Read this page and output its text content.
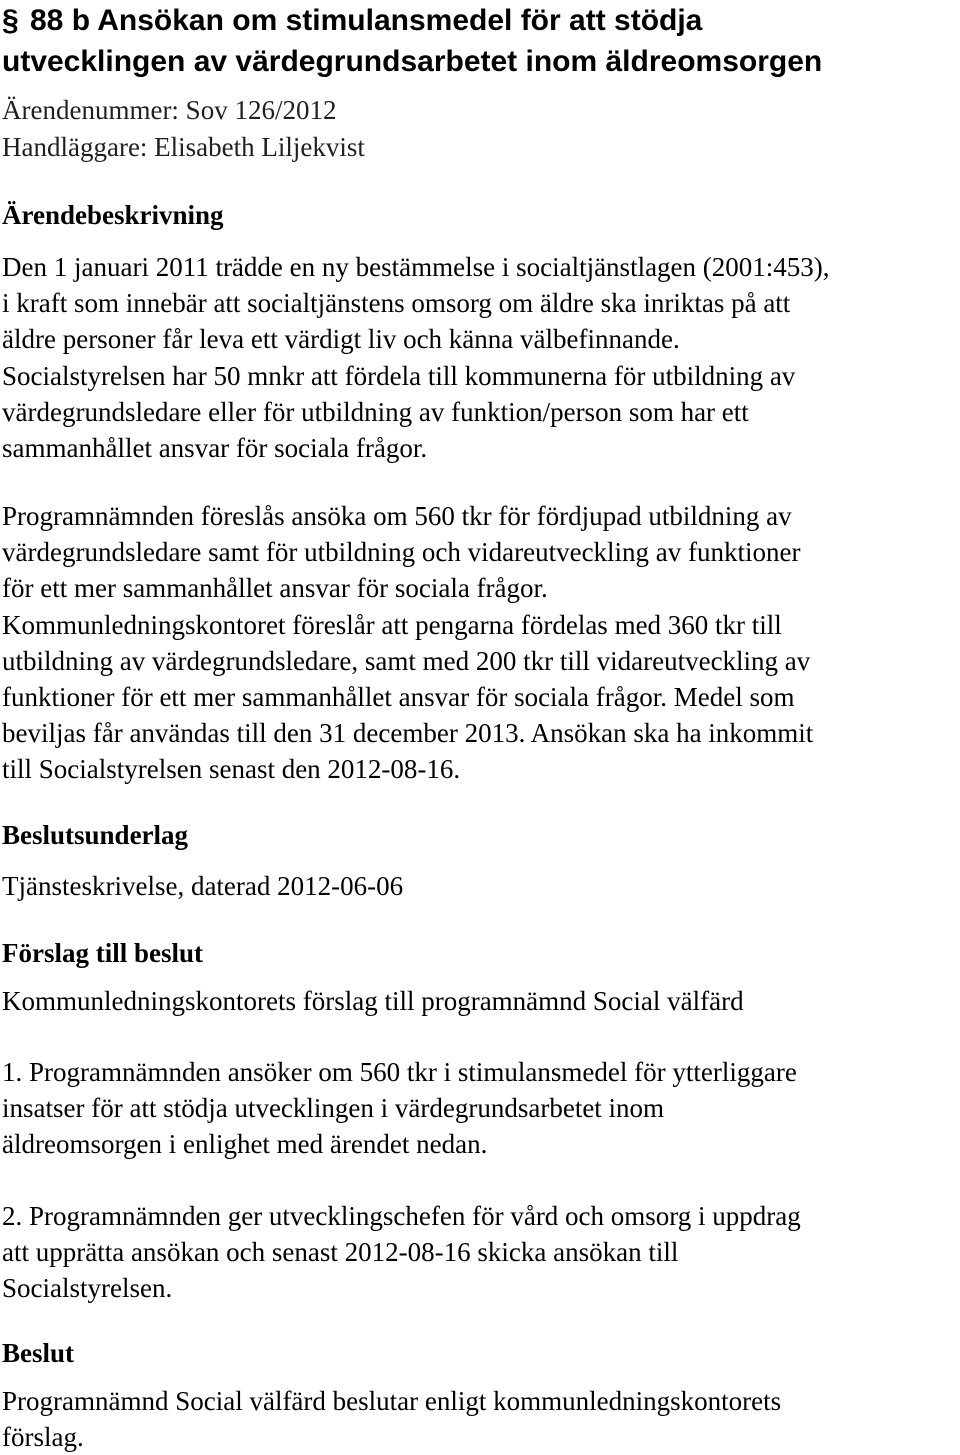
§ 88 b Ansökan om stimulansmedel för att stödja
utvecklingen av värdegrundsarbetet inom äldreomsorgen
Ärendenummer: Sov 126/2012
Handläggare: Elisabeth Liljekvist
Ärendebeskrivning

Den 1 januari 2011 trädde en ny bestämmelse i socialtjänstlagen (2001:453),
i kraft som innebär att socialtjänstens omsorg om äldre ska inriktas på att
äldre personer får leva ett värdigt liv och känna välbefinnande.
Socialstyrelsen har 50 mnkr att fördela till kommunerna för utbildning av
värdegrundsledare eller för utbildning av funktion/person som har ett
sammanhållet ansvar för sociala frågor.

Programnämnden föreslås ansöka om 560 tkr för fördjupad utbildning av
värdegrundsledare samt för utbildning och vidareutveckling av funktioner
för ett mer sammanhållet ansvar för sociala frågor.
Kommunledningskontoret föreslår att pengarna fördelas med 360 tkr till
utbildning av värdegrundsledare, samt med 200 tkr till vidareutveckling av
funktioner för ett mer sammanhållet ansvar för sociala frågor. Medel som
beviljas får användas till den 31 december 2013. Ansökan ska ha inkommit
till Socialstyrelsen senast den 2012-08-16.

Beslutsunderlag

Tjänsteskrivelse, daterad 2012-06-06

Förslag till beslut

Kommunledningskontorets förslag till programnämnd Social välfärd

1. Programnämnden ansöker om 560 tkr i stimulansmedel för ytterliggare
insatser för att stödja utvecklingen i värdegrundsarbetet inom
äldreomsorgen i enlighet med ärendet nedan.

2. Programnämnden ger utvecklingschefen för vård och omsorg i uppdrag
att upprätta ansökan och senast 2012-08-16 skicka ansökan till
Socialstyrelsen.

Beslut

Programnämnd Social välfärd beslutar enligt kommunledningskontorets
förslag.
